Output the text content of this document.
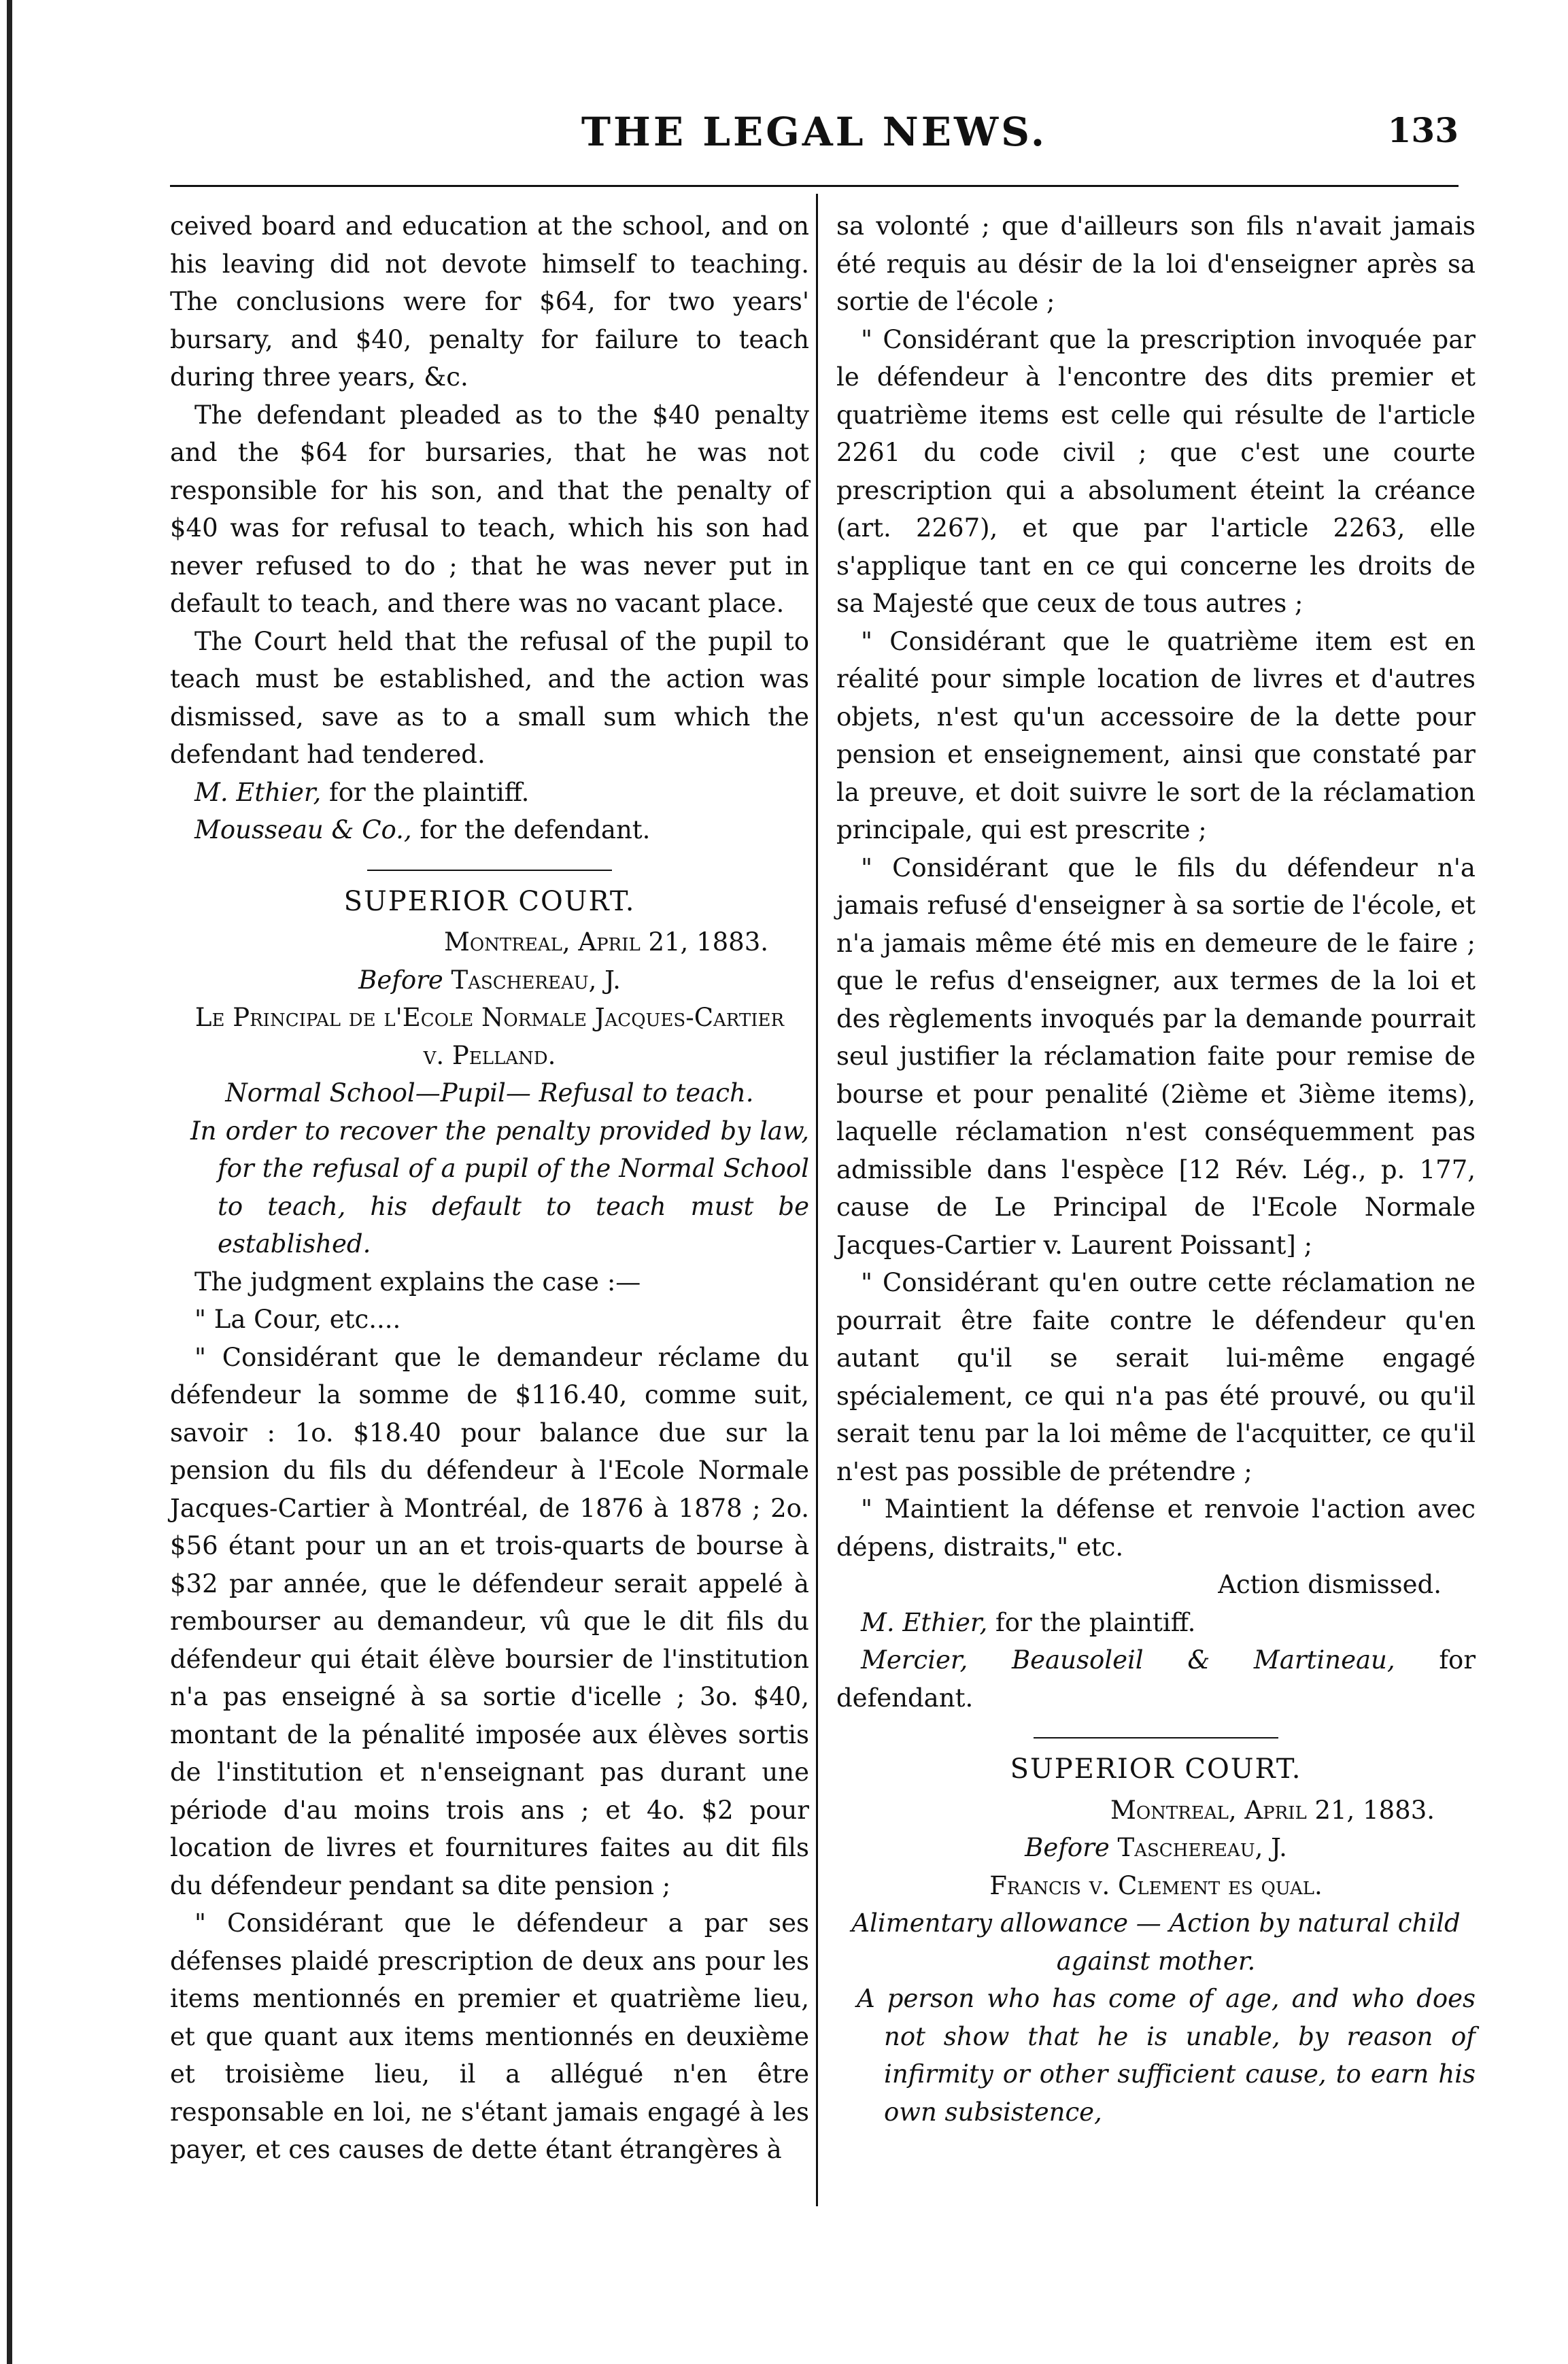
THE LEGAL NEWS.	133

ceived board and education at the school, and on his leaving did not devote himself to teaching. The conclusions were for $64, for two years' bursary, and $40, penalty for failure to teach during three years, &c.

The defendant pleaded as to the $40 penalty and the $64 for bursaries, that he was not responsible for his son, and that the penalty of $40 was for refusal to teach, which his son had never refused to do ; that he was never put in default to teach, and there was no vacant place.

The Court held that the refusal of the pupil to teach must be established, and the action was dismissed, save as to a small sum which the defendant had tendered.

M. Ethier, for the plaintiff.

Mousseau & Co., for the defendant.

SUPERIOR COURT.

Montreal, April 21, 1883.

Before Taschereau, J.

Le Principal de l'Ecole Normale Jacques-Cartier v. Pelland.

Normal School—Pupil— Refusal to teach.

In order to recover the penalty provided by law, for the refusal of a pupil of the Normal School to teach, his default to teach must be established.

The judgment explains the case :—

" La Cour, etc....

" Considérant que le demandeur réclame du défendeur la somme de $116.40, comme suit, savoir : 1o. $18.40 pour balance due sur la pension du fils du défendeur à l'Ecole Normale Jacques-Cartier à Montréal, de 1876 à 1878 ; 2o. $56 étant pour un an et trois-quarts de bourse à $32 par année, que le défendeur serait appelé à rembourser au demandeur, vû que le dit fils du défendeur qui était élève boursier de l'institution n'a pas enseigné à sa sortie d'icelle ; 3o. $40, montant de la pénalité imposée aux élèves sortis de l'institution et n'enseignant pas durant une période d'au moins trois ans ; et 4o. $2 pour location de livres et fournitures faites au dit fils du défendeur pendant sa dite pension ;

" Considérant que le défendeur a par ses défenses plaidé prescription de deux ans pour les items mentionnés en premier et quatrième lieu, et que quant aux items mentionnés en deuxième et troisième lieu, il a allégué n'en être responsable en loi, ne s'étant jamais engagé à les payer, et ces causes de dette étant étrangères à

sa volonté ; que d'ailleurs son fils n'avait jamais été requis au désir de la loi d'enseigner après sa sortie de l'école ;

" Considérant que la prescription invoquée par le défendeur à l'encontre des dits premier et quatrième items est celle qui résulte de l'article 2261 du code civil ; que c'est une courte prescription qui a absolument éteint la créance (art. 2267), et que par l'article 2263, elle s'applique tant en ce qui concerne les droits de sa Majesté que ceux de tous autres ;

" Considérant que le quatrième item est en réalité pour simple location de livres et d'autres objets, n'est qu'un accessoire de la dette pour pension et enseignement, ainsi que constaté par la preuve, et doit suivre le sort de la réclamation principale, qui est prescrite ;

" Considérant que le fils du défendeur n'a jamais refusé d'enseigner à sa sortie de l'école, et n'a jamais même été mis en demeure de le faire ; que le refus d'enseigner, aux termes de la loi et des règlements invoqués par la demande pourrait seul justifier la réclamation faite pour remise de bourse et pour penalité (2ième et 3ième items), laquelle réclamation n'est conséquemment pas admissible dans l'espèce [12 Rév. Lég., p. 177, cause de Le Principal de l'Ecole Normale Jacques-Cartier v. Laurent Poissant] ;

" Considérant qu'en outre cette réclamation ne pourrait être faite contre le défendeur qu'en autant qu'il se serait lui-même engagé spécialement, ce qui n'a pas été prouvé, ou qu'il serait tenu par la loi même de l'acquitter, ce qu'il n'est pas possible de prétendre ;

" Maintient la défense et renvoie l'action avec dépens, distraits," etc.

Action dismissed.

M. Ethier, for the plaintiff.

Mercier, Beausoleil & Martineau, for defendant.

SUPERIOR COURT.

Montreal, April 21, 1883.

Before Taschereau, J.

Francis v. Clement es qual.

Alimentary allowance — Action by natural child against mother.

A person who has come of age, and who does not show that he is unable, by reason of infirmity or other sufficient cause, to earn his own subsistence,
